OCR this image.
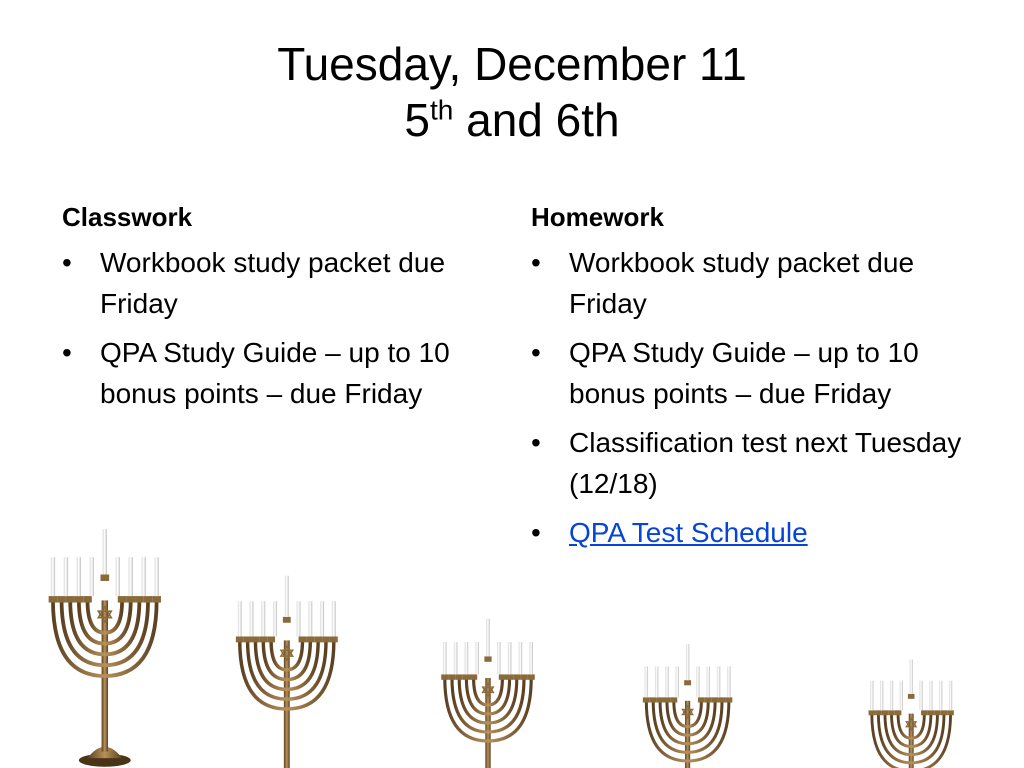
Tuesday, December 11
5th and 6th
Classwork
• Workbook study packet due Friday
• QPA Study Guide – up to 10 bonus points – due Friday
Homework
• Workbook study packet due Friday
• QPA Study Guide – up to 10 bonus points – due Friday
• Classification test next Tuesday (12/18)
• QPA Test Schedule
